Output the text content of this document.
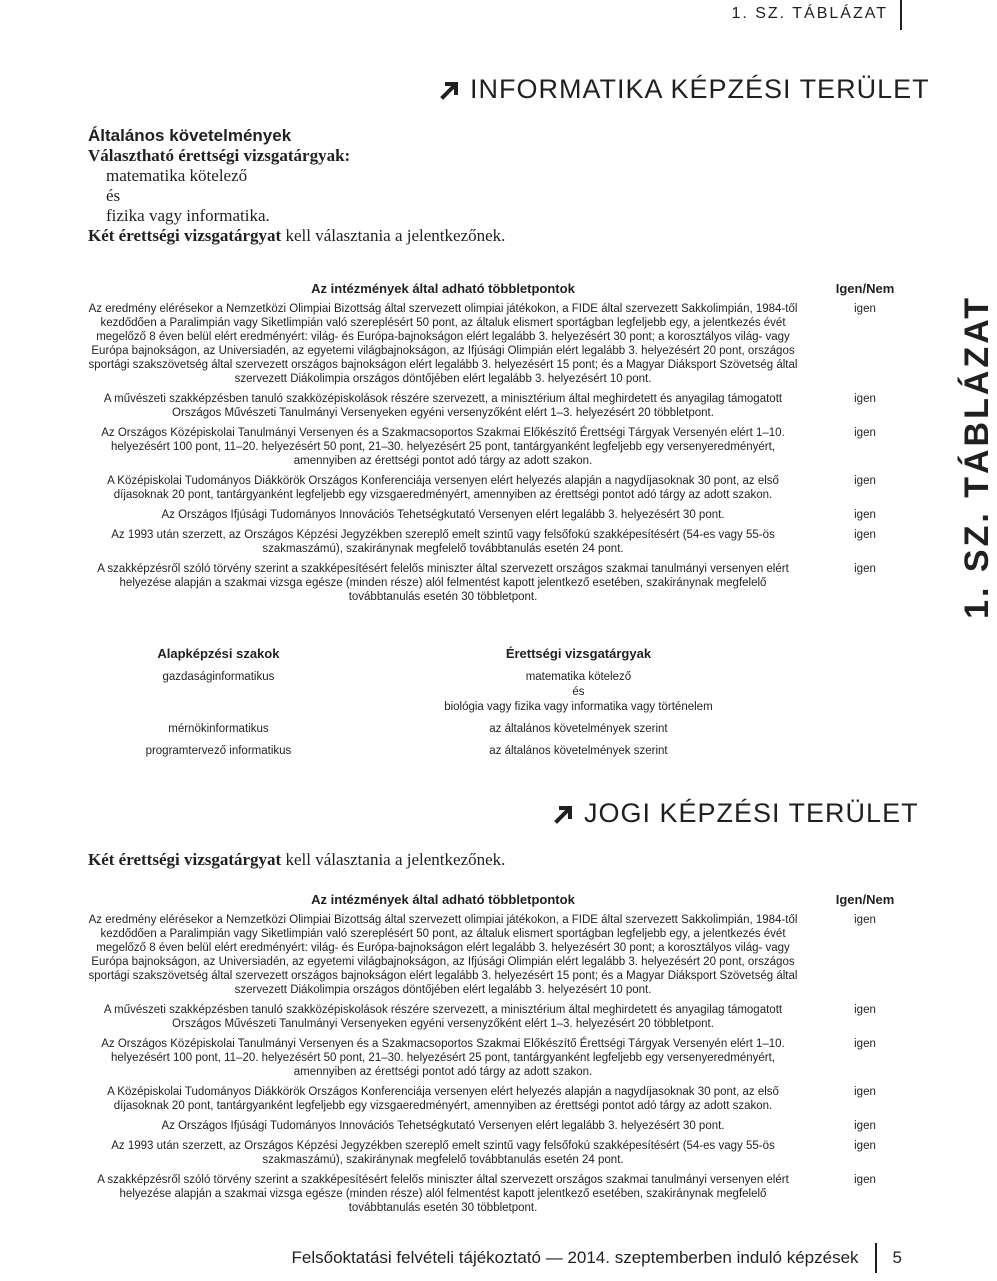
1. SZ. TÁBLÁZAT
1. SZ. TÁBLÁZAT
INFORMATIKA KÉPZÉSI TERÜLET
Általános követelmények
Választható érettségi vizsgatárgyak:
matematika kötelező
és
fizika vagy informatika.
Két érettségi vizsgatárgyat kell választania a jelentkezőnek.
Az intézmények által adható többletpontok	Igen/Nem
Az eredmény elérésekor a Nemzetközi Olimpiai Bizottság által szervezett olimpiai játékokon, a FIDE által szervezett Sakkolimpián, 1984-től kezdődően a Paralimpián vagy Siketlimpián való szereplésért 50 pont, az általuk elismert sportágban legfeljebb egy, a jelentkezés évét megelőző 8 éven belül elért eredményért: világ- és Európa-bajnokságon elért legalább 3. helyezésért 30 pont; a korosztályos világ- vagy Európa bajnokságon, az Universiadén, az egyetemi világbajnokságon, az Ifjúsági Olimpián elért legalább 3. helyezésért 20 pont, országos sportági szakszövetség által szervezett országos bajnokságon elért legalább 3. helyezésért 15 pont; és a Magyar Diáksport Szövetség által szervezett Diákolimpia országos döntőjében elért legalább 3. helyezésért 10 pont.	igen
A művészeti szakképzésben tanuló szakközépiskolások részére szervezett, a minisztérium által meghirdetett és anyagilag támogatott Országos Művészeti Tanulmányi Versenyeken egyéni versenyzőként elért 1–3. helyezésért 20 többletpont.	igen
Az Országos Középiskolai Tanulmányi Versenyen és a Szakmacsoportos Szakmai Előkészítő Érettségi Tárgyak Versenyén elért 1–10. helyezésért 100 pont, 11–20. helyezésért 50 pont, 21–30. helyezésért 25 pont, tantárgyanként legfeljebb egy versenyeredményért, amennyiben az érettségi pontot adó tárgy az adott szakon.	igen
A Középiskolai Tudományos Diákkörök Országos Konferenciája versenyen elért helyezés alapján a nagydíjasoknak 30 pont, az első díjasoknak 20 pont, tantárgyanként legfeljebb egy vizsgaeredményért, amennyiben az érettségi pontot adó tárgy az adott szakon.	igen
Az Országos Ifjúsági Tudományos Innovációs Tehetségkutató Versenyen elért legalább 3. helyezésért 30 pont.	igen
Az 1993 után szerzett, az Országos Képzési Jegyzékben szereplő emelt szintű vagy felsőfokú szakképesítésért (54-es vagy 55-ös szakmaszámú), szakiránynak megfelelő továbbtanulás esetén 24 pont.	igen
A szakképzésről szóló törvény szerint a szakképesítésért felelős miniszter által szervezett országos szakmai tanulmányi versenyen elért helyezése alapján a szakmai vizsga egésze (minden része) alól felmentést kapott jelentkező esetében, szakiránynak megfelelő továbbtanulás esetén 30 többletpont.	igen
Alapképzési szakok	Érettségi vizsgatárgyak
gazdaságinformatikus	matematika kötelező
és
biológia vagy fizika vagy informatika vagy történelem

mérnökinformatikus	az általános követelmények szerint

programtervező informatikus	az általános követelmények szerint
JOGI KÉPZÉSI TERÜLET
Két érettségi vizsgatárgyat kell választania a jelentkezőnek.
Az intézmények által adható többletpontok	Igen/Nem
Az eredmény elérésekor a Nemzetközi Olimpiai Bizottság által szervezett olimpiai játékokon, a FIDE által szervezett Sakkolimpián, 1984-től kezdődően a Paralimpián vagy Siketlimpián való szereplésért 50 pont, az általuk elismert sportágban legfeljebb egy, a jelentkezés évét megelőző 8 éven belül elért eredményért: világ- és Európa-bajnokságon elért legalább 3. helyezésért 30 pont; a korosztályos világ- vagy Európa bajnokságon, az Universiadén, az egyetemi világbajnokságon, az Ifjúsági Olimpián elért legalább 3. helyezésért 20 pont, országos sportági szakszövetség által szervezett országos bajnokságon elért legalább 3. helyezésért 15 pont; és a Magyar Diáksport Szövetség által szervezett Diákolimpia országos döntőjében elért legalább 3. helyezésért 10 pont.	igen
A művészeti szakképzésben tanuló szakközépiskolások részére szervezett, a minisztérium által meghirdetett és anyagilag támogatott Országos Művészeti Tanulmányi Versenyeken egyéni versenyzőként elért 1–3. helyezésért 20 többletpont.	igen
Az Országos Középiskolai Tanulmányi Versenyen és a Szakmacsoportos Szakmai Előkészítő Érettségi Tárgyak Versenyén elért 1–10. helyezésért 100 pont, 11–20. helyezésért 50 pont, 21–30. helyezésért 25 pont, tantárgyanként legfeljebb egy versenyeredményért, amennyiben az érettségi pontot adó tárgy az adott szakon.	igen
A Középiskolai Tudományos Diákkörök Országos Konferenciája versenyen elért helyezés alapján a nagydíjasoknak 30 pont, az első díjasoknak 20 pont, tantárgyanként legfeljebb egy vizsgaeredményért, amennyiben az érettségi pontot adó tárgy az adott szakon.	igen
Az Országos Ifjúsági Tudományos Innovációs Tehetségkutató Versenyen elért legalább 3. helyezésért 30 pont.	igen
Az 1993 után szerzett, az Országos Képzési Jegyzékben szereplő emelt szintű vagy felsőfokú szakképesítésért (54-es vagy 55-ös szakmaszámú), szakiránynak megfelelő továbbtanulás esetén 24 pont.	igen
A szakképzésről szóló törvény szerint a szakképesítésért felelős miniszter által szervezett országos szakmai tanulmányi versenyen elért helyezése alapján a szakmai vizsga egésze (minden része) alól felmentést kapott jelentkező esetében, szakiránynak megfelelő továbbtanulás esetén 30 többletpont.	igen
Felsőoktatási felvételi tájékoztató — 2014. szeptemberben induló képzések 5
